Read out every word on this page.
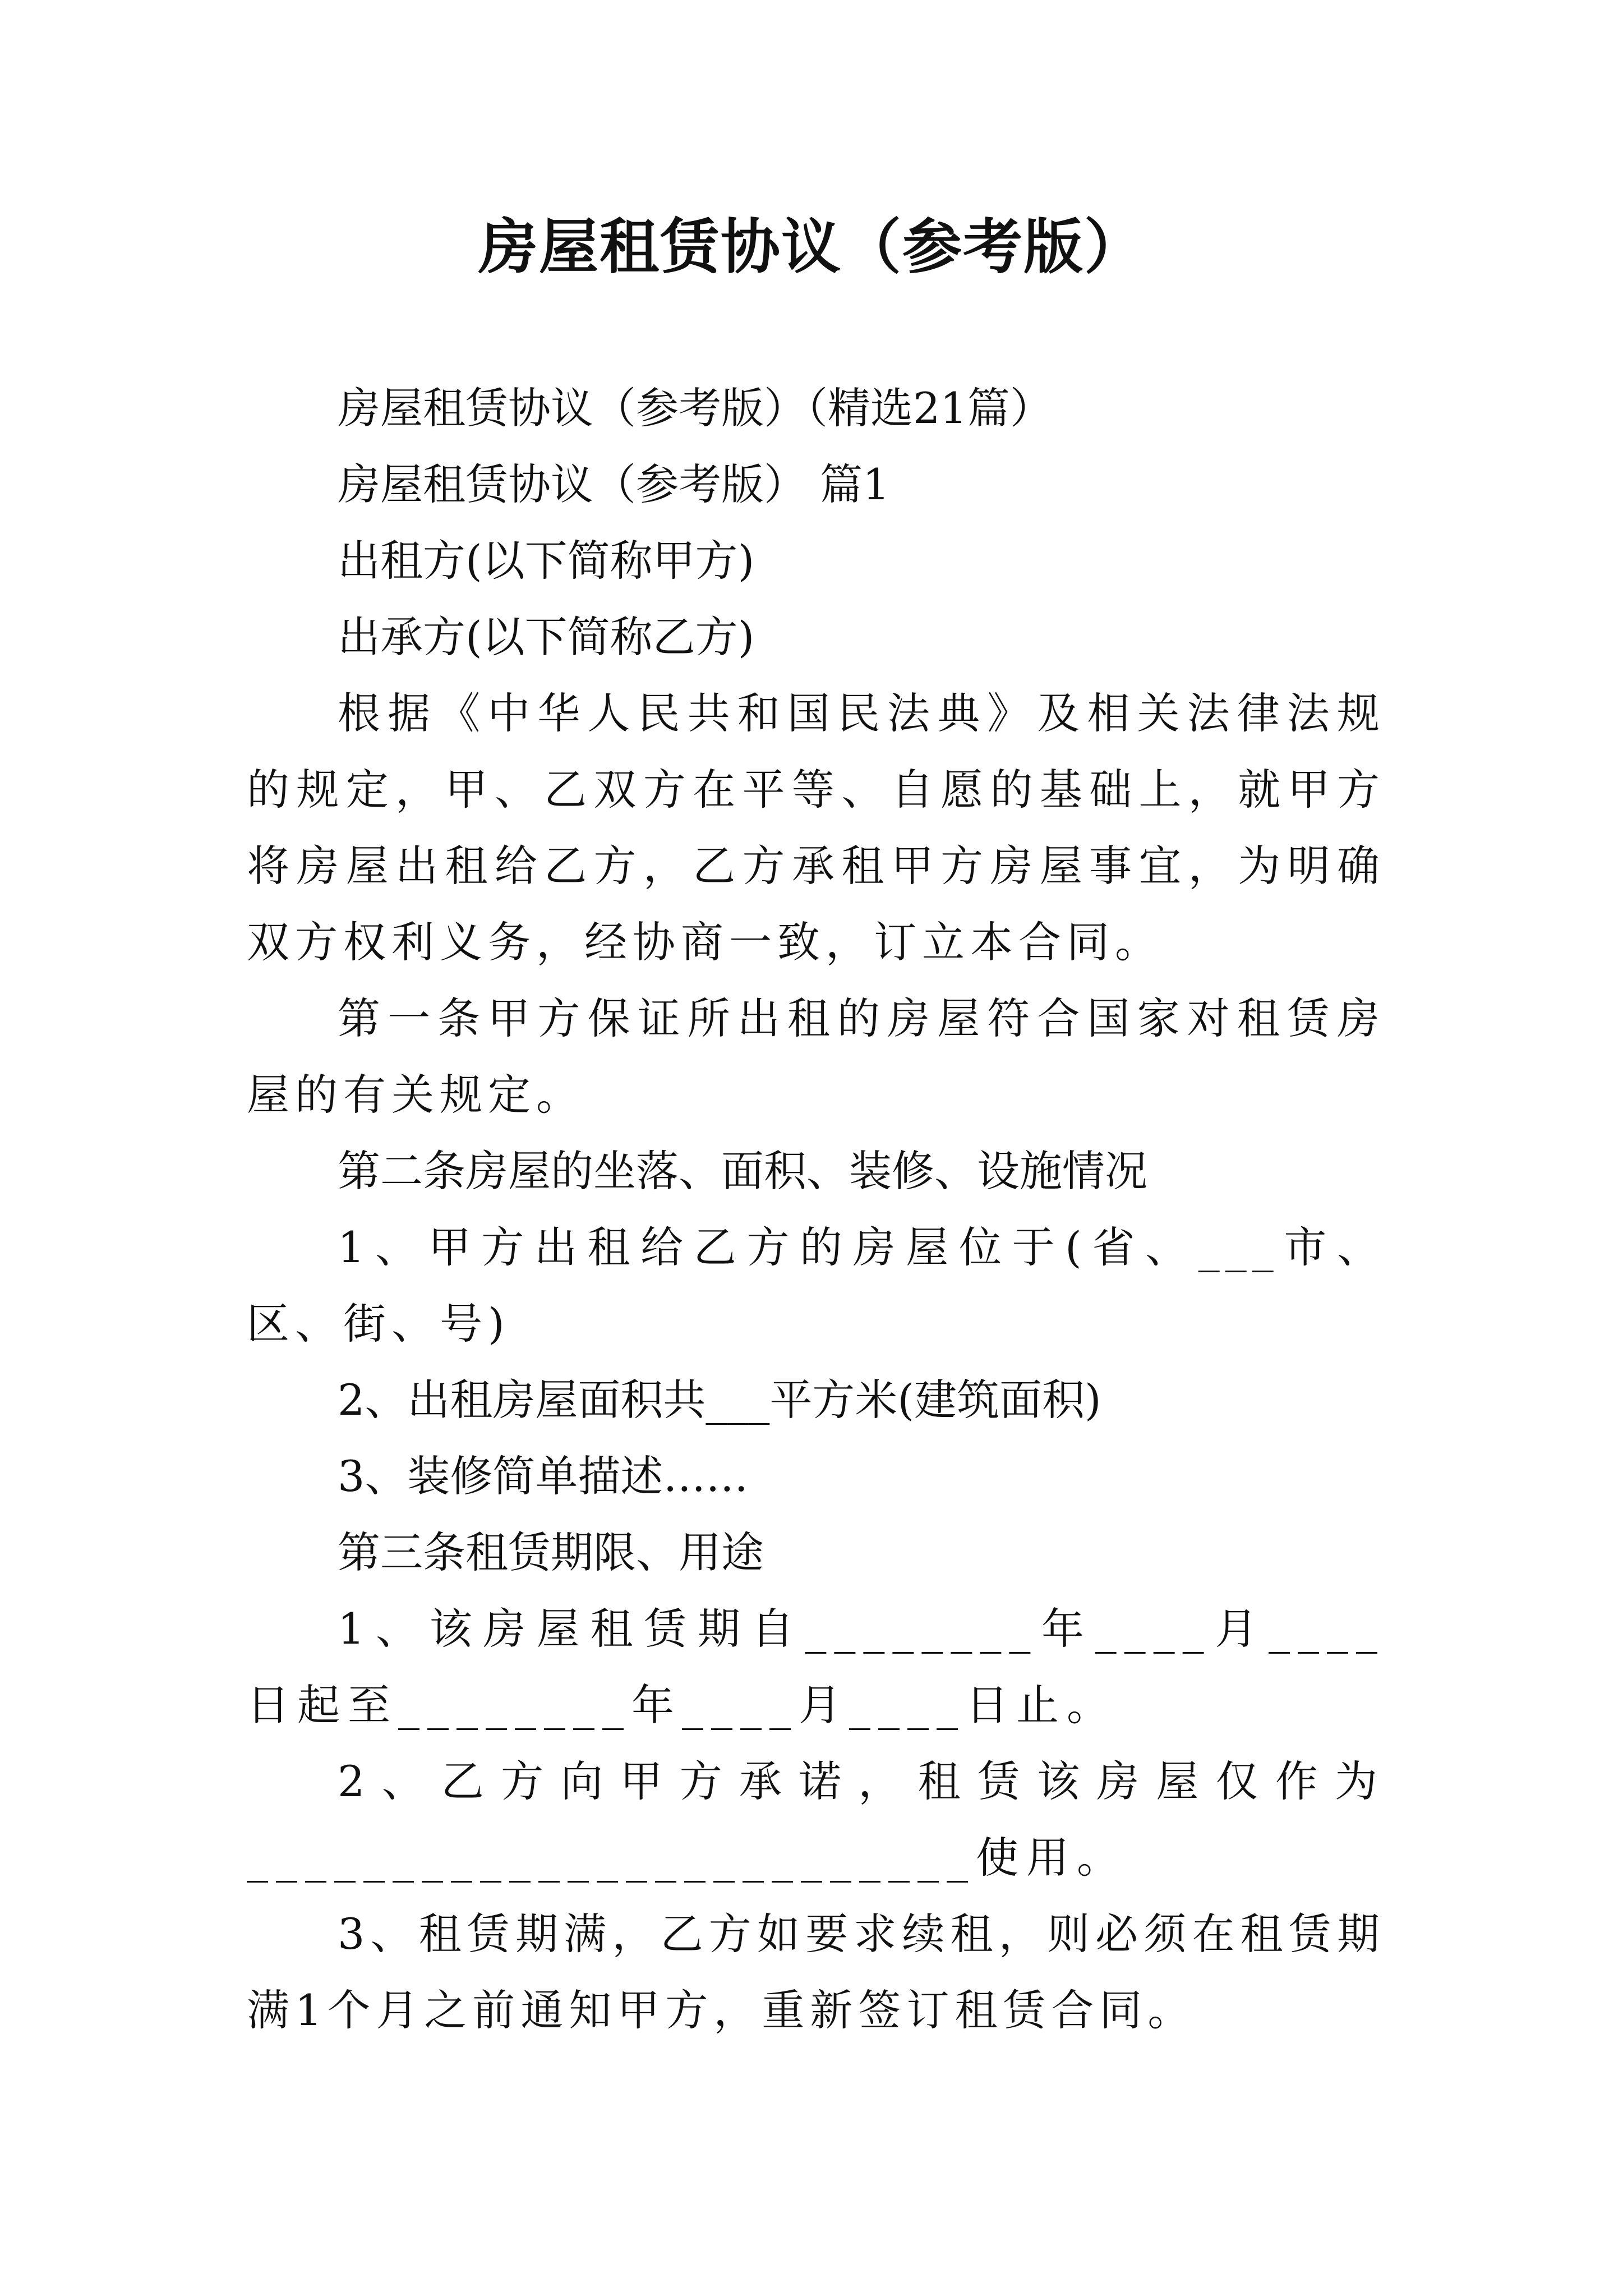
房屋租赁协议（参考版）

房屋租赁协议（参考版）（精选21篇）

房屋租赁协议（参考版） 篇1

出租方(以下简称甲方)

出承方(以下简称乙方)

根据《中华人民共和国民法典》及相关法律法规的规定，甲、乙双方在平等、自愿的基础上，就甲方将房屋出租给乙方，乙方承租甲方房屋事宜，为明确双方权利义务，经协商一致，订立本合同。

第一条甲方保证所出租的房屋符合国家对租赁房屋的有关规定。

第二条房屋的坐落、面积、装修、设施情况

1、甲方出租给乙方的房屋位于(省、___市、区、街、号)

2、出租房屋面积共___平方米(建筑面积)

3、装修简单描述……

第三条租赁期限、用途

1、该房屋租赁期自________年____月____日起至________年____月____日止。

2、乙方向甲方承诺，租赁该房屋仅作为_________________________使用。

3、租赁期满，乙方如要求续租，则必须在租赁期满1个月之前通知甲方，重新签订租赁合同。
